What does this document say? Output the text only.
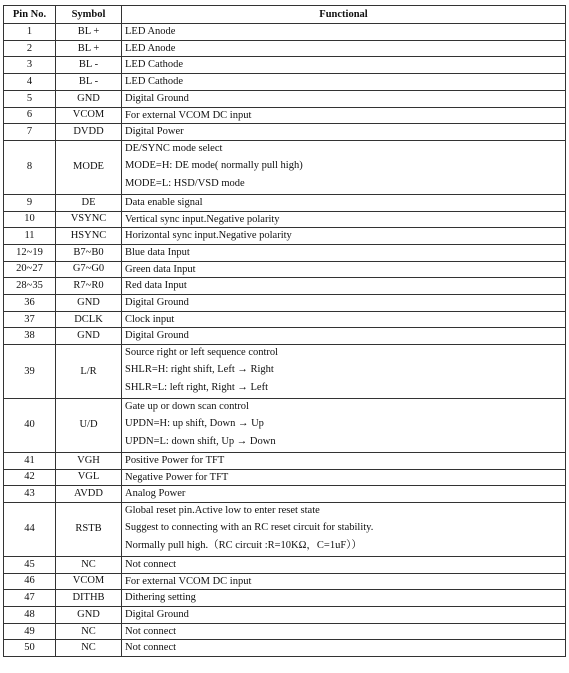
Pin No.	Symbol	Functional
1	BL +	LED Anode
2	BL +	LED Anode
3	BL -	LED Cathode
4	BL -	LED Cathode
5	GND	Digital Ground
6	VCOM	For external VCOM DC input
7	DVDD	Digital Power
8	MODE	DE/SYNC mode select
MODE=H: DE mode( normally pull high)
MODE=L: HSD/VSD mode

9	DE	Data enable signal
10	VSYNC	Vertical sync input.Negative polarity
11	HSYNC	Horizontal sync input.Negative polarity
12~19	B7~B0	Blue data Input
20~27	G7~G0	Green data Input
28~35	R7~R0	Red data Input
36	GND	Digital Ground
37	DCLK	Clock input
38	GND	Digital Ground
39	L/R	Source right or left sequence control
SHLR=H: right shift, Left → Right
SHLR=L: left right, Right → Left

40	U/D	Gate up or down scan control
UPDN=H: up shift, Down → Up
UPDN=L: down shift, Up → Down

41	VGH	Positive Power for TFT
42	VGL	Negative Power for TFT
43	AVDD	Analog Power
44	RSTB	Global reset pin.Active low to enter reset state
Suggest to connecting with an RC reset circuit for stability.
Normally pull high.（RC circuit :R=10KΩ，C=1uF））

45	NC	Not connect
46	VCOM	For external VCOM DC input
47	DITHB	Dithering setting
48	GND	Digital Ground
49	NC	Not connect
50	NC	Not connect
